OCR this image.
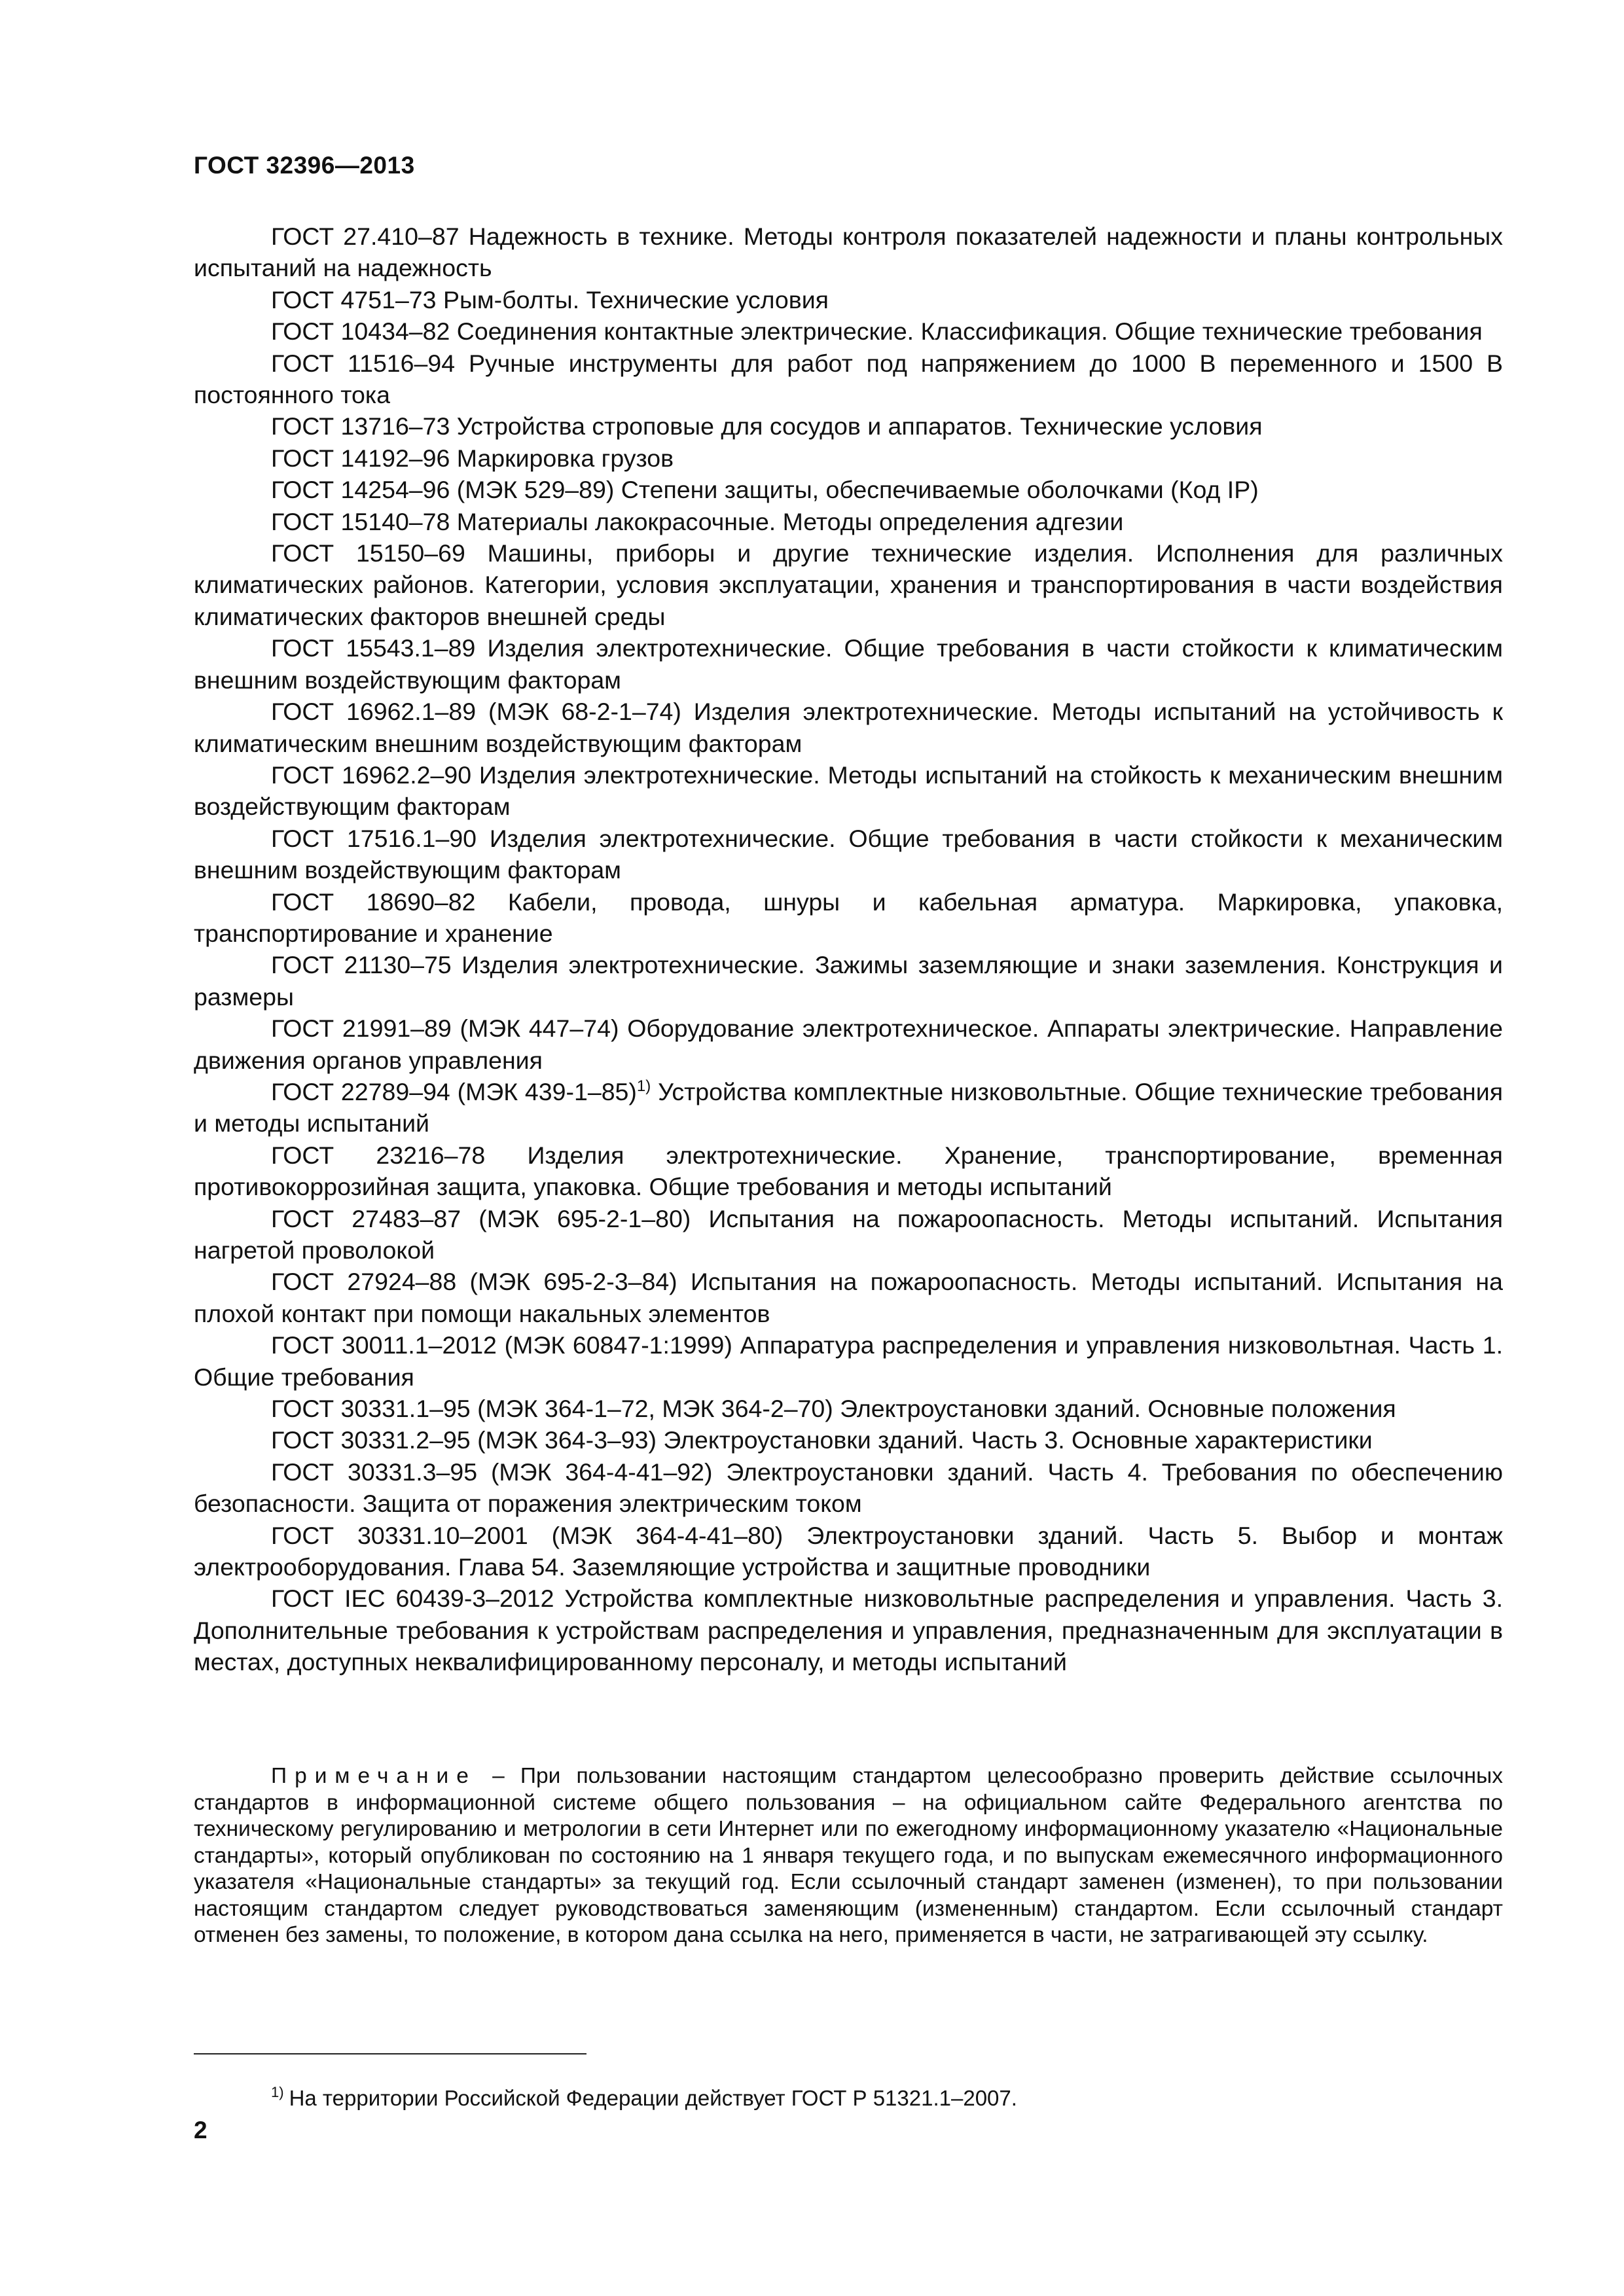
ГОСТ 32396—2013

ГОСТ 27.410–87 Надежность в технике. Методы контроля показателей надежности и планы контрольных испытаний на надежность

ГОСТ 4751–73 Рым-болты. Технические условия

ГОСТ 10434–82 Соединения контактные электрические. Классификация. Общие технические требования

ГОСТ 11516–94 Ручные инструменты для работ под напряжением до 1000 В переменного и 1500 В постоянного тока

ГОСТ 13716–73 Устройства строповые для сосудов и аппаратов. Технические условия

ГОСТ 14192–96 Маркировка грузов

ГОСТ 14254–96 (МЭК 529–89) Степени защиты, обеспечиваемые оболочками (Код IP)

ГОСТ 15140–78 Материалы лакокрасочные. Методы определения адгезии

ГОСТ 15150–69 Машины, приборы и другие технические изделия. Исполнения для различных климатических районов. Категории, условия эксплуатации, хранения и транспортирования в части воздействия климатических факторов внешней среды

ГОСТ 15543.1–89 Изделия электротехнические. Общие требования в части стойкости к климатическим внешним воздействующим факторам

ГОСТ 16962.1–89 (МЭК 68-2-1–74) Изделия электротехнические. Методы испытаний на устойчивость к климатическим внешним воздействующим факторам

ГОСТ 16962.2–90 Изделия электротехнические. Методы испытаний на стойкость к механическим внешним воздействующим факторам

ГОСТ 17516.1–90 Изделия электротехнические. Общие требования в части стойкости к механическим внешним воздействующим факторам

ГОСТ 18690–82 Кабели, провода, шнуры и кабельная арматура. Маркировка, упаковка, транспортирование и хранение

ГОСТ 21130–75 Изделия электротехнические. Зажимы заземляющие и знаки заземления. Конструкция и размеры

ГОСТ 21991–89 (МЭК 447–74) Оборудование электротехническое. Аппараты электрические. Направление движения органов управления

ГОСТ 22789–94 (МЭК 439-1–85)$^{1)}$ Устройства комплектные низковольтные. Общие технические требования и методы испытаний

ГОСТ 23216–78 Изделия электротехнические. Хранение, транспортирование, временная противокоррозийная защита, упаковка. Общие требования и методы испытаний

ГОСТ 27483–87 (МЭК 695-2-1–80) Испытания на пожароопасность. Методы испытаний. Испытания нагретой проволокой

ГОСТ 27924–88 (МЭК 695-2-3–84) Испытания на пожароопасность. Методы испытаний. Испытания на плохой контакт при помощи накальных элементов

ГОСТ 30011.1–2012 (МЭК 60847-1:1999) Аппаратура распределения и управления низковольтная. Часть 1. Общие требования

ГОСТ 30331.1–95 (МЭК 364-1–72, МЭК 364-2–70) Электроустановки зданий. Основные положения

ГОСТ 30331.2–95 (МЭК 364-3–93) Электроустановки зданий. Часть 3. Основные характеристики

ГОСТ 30331.3–95 (МЭК 364-4-41–92) Электроустановки зданий. Часть 4. Требования по обеспечению безопасности. Защита от поражения электрическим током

ГОСТ 30331.10–2001 (МЭК 364-4-41–80) Электроустановки зданий. Часть 5. Выбор и монтаж электрооборудования. Глава 54. Заземляющие устройства и защитные проводники

ГОСТ IEC 60439-3–2012 Устройства комплектные низковольтные распределения и управления. Часть 3. Дополнительные требования к устройствам распределения и управления, предназначенным для эксплуатации в местах, доступных неквалифицированному персоналу, и методы испытаний

Примечание – При пользовании настоящим стандартом целесообразно проверить действие ссылочных стандартов в информационной системе общего пользования – на официальном сайте Федерального агентства по техническому регулированию и метрологии в сети Интернет или по ежегодному информационному указателю «Национальные стандарты», который опубликован по состоянию на 1 января текущего года, и по выпускам ежемесячного информационного указателя «Национальные стандарты» за текущий год. Если ссылочный стандарт заменен (изменен), то при пользовании настоящим стандартом следует руководствоваться заменяющим (измененным) стандартом. Если ссылочный стандарт отменен без замены, то положение, в котором дана ссылка на него, применяется в части, не затрагивающей эту ссылку.
$^{1)}$ На территории Российской Федерации действует ГОСТ Р 51321.1–2007.
2
